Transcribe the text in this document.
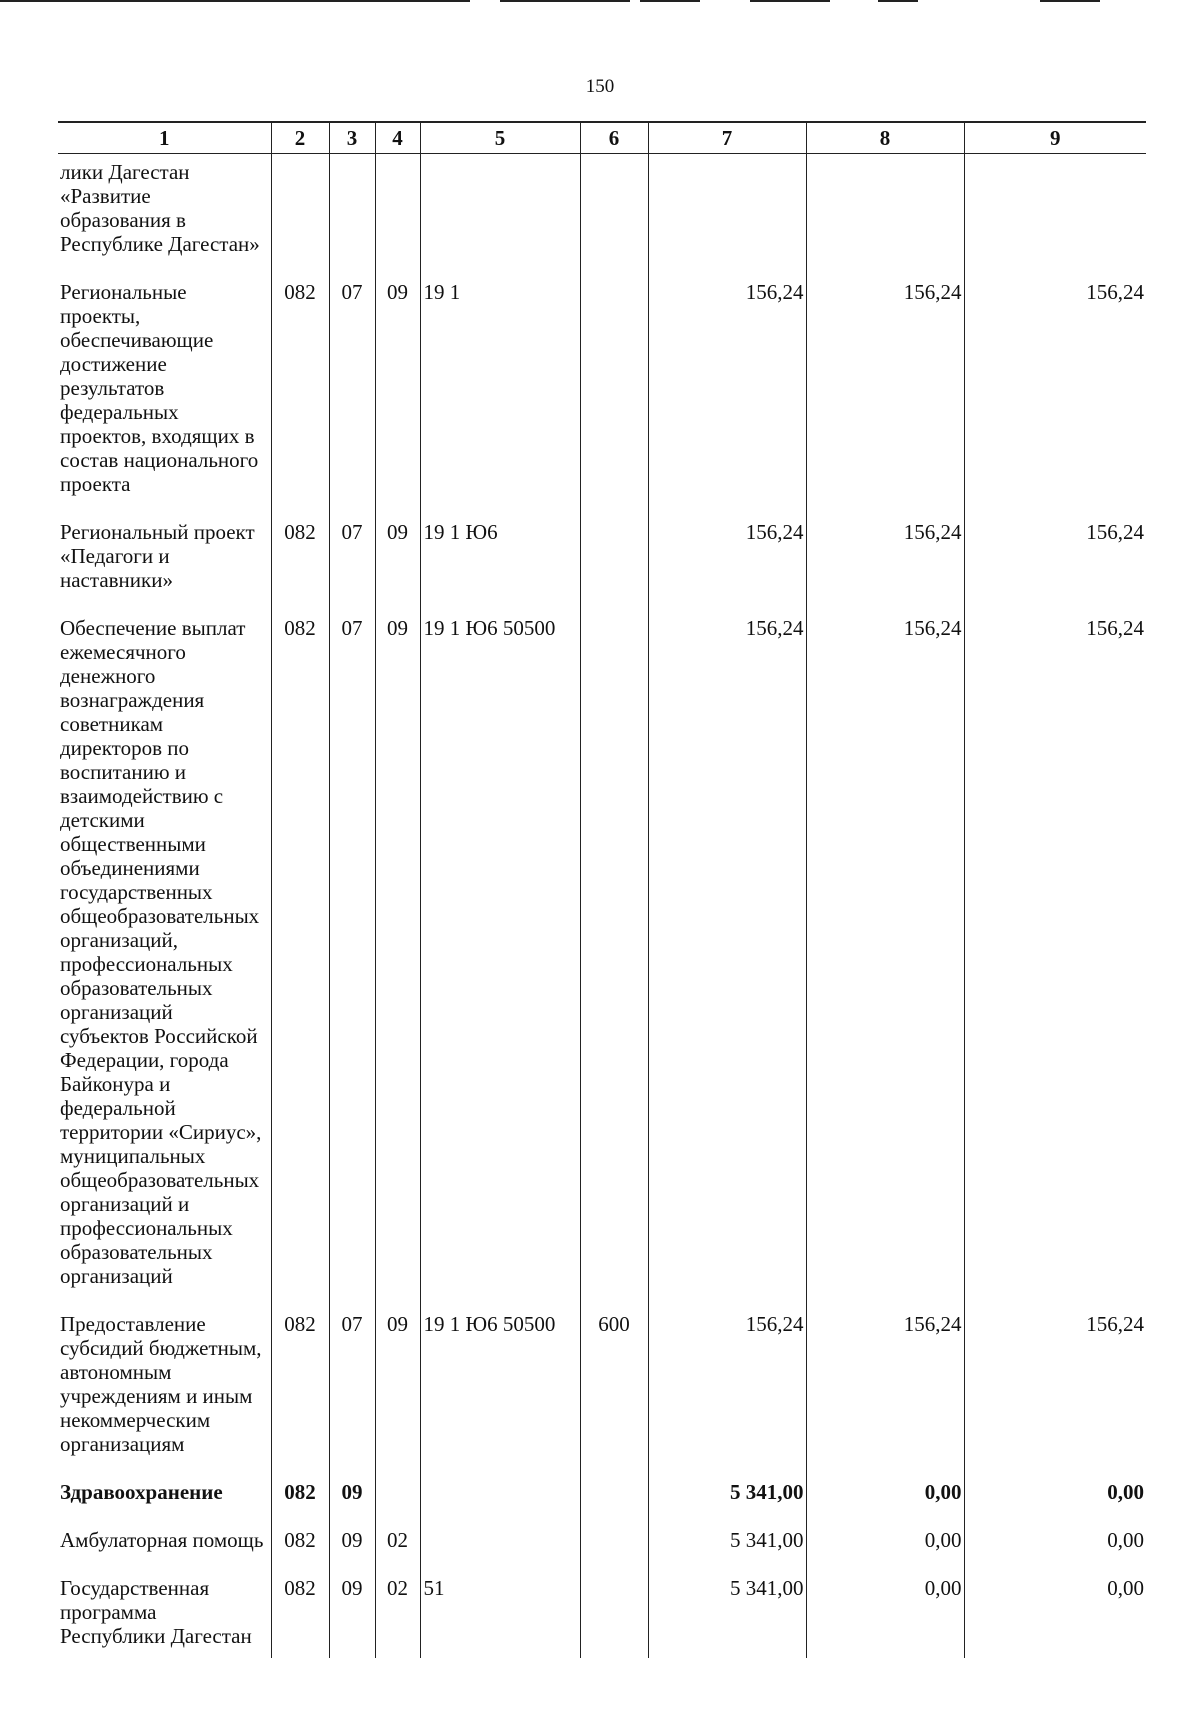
150
1	2	3	4	5	6	7	8	9
лики Дагестан «Развитие образования в Республике Дагестан»								
Региональные проекты, обеспечивающие достижение результатов федеральных проектов, входящих в состав национального проекта	082	07	09	19 1		156,24	156,24	156,24
Региональный проект «Педагоги и наставники»	082	07	09	19 1 Ю6		156,24	156,24	156,24
Обеспечение выплат ежемесячного денежного вознаграждения советникам директоров по воспитанию и взаимодействию с детскими общественными объединениями государственных общеобразовательных организаций, профессиональных образовательных организаций субъектов Российской Федерации, города Байконура и федеральной территории «Сириус», муниципальных общеобразовательных организаций и профессиональных образовательных организаций	082	07	09	19 1 Ю6 50500		156,24	156,24	156,24
Предоставление субсидий бюджетным, автономным учреждениям и иным некоммерческим организациям	082	07	09	19 1 Ю6 50500	600	156,24	156,24	156,24
Здравоохранение	082	09				5 341,00	0,00	0,00
Амбулаторная помощь	082	09	02			5 341,00	0,00	0,00
Государственная программа Республики Дагестан	082	09	02	51		5 341,00	0,00	0,00
